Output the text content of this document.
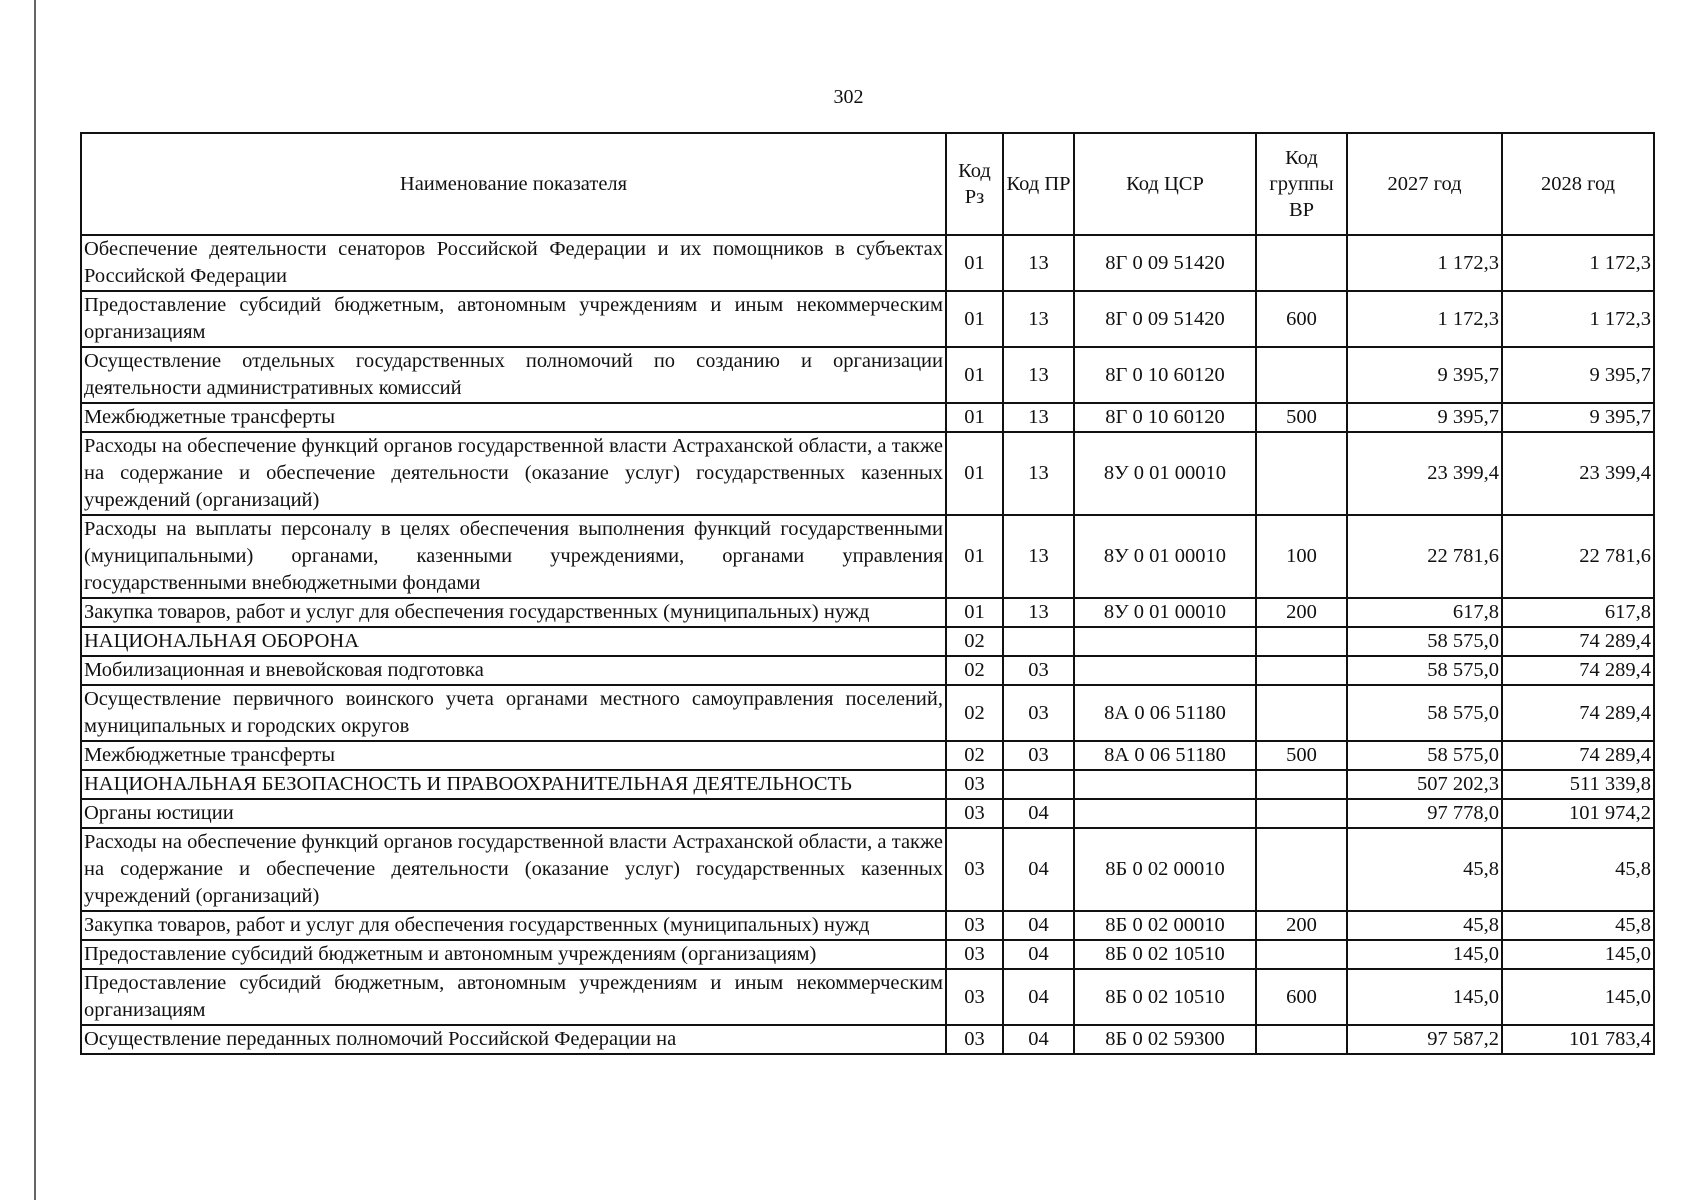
302
Наименование показателя	Код Рз	Код ПР	Код ЦСР	Код группы ВР	2027 год	2028 год
Обеспечение деятельности сенаторов Российской Федерации и их помощников в субъектах Российской Федерации	01	13	8Г 0 09 51420		1 172,3	1 172,3
Предоставление субсидий бюджетным, автономным учреждениям и иным некоммерческим организациям	01	13	8Г 0 09 51420	600	1 172,3	1 172,3
Осуществление отдельных государственных полномочий по созданию и организации деятельности административных комиссий	01	13	8Г 0 10 60120		9 395,7	9 395,7
Межбюджетные трансферты	01	13	8Г 0 10 60120	500	9 395,7	9 395,7
Расходы на обеспечение функций органов государственной власти Астраханской области, а также на содержание и обеспечение деятельности (оказание услуг) государственных казенных учреждений (организаций)	01	13	8У 0 01 00010		23 399,4	23 399,4
Расходы на выплаты персоналу в целях обеспечения выполнения функций государственными (муниципальными) органами, казенными учреждениями, органами управления государственными внебюджетными фондами	01	13	8У 0 01 00010	100	22 781,6	22 781,6
Закупка товаров, работ и услуг для обеспечения государственных (муниципальных) нужд	01	13	8У 0 01 00010	200	617,8	617,8
НАЦИОНАЛЬНАЯ ОБОРОНА	02				58 575,0	74 289,4
Мобилизационная и вневойсковая подготовка	02	03			58 575,0	74 289,4
Осуществление первичного воинского учета органами местного самоуправления поселений, муниципальных и городских округов	02	03	8А 0 06 51180		58 575,0	74 289,4
Межбюджетные трансферты	02	03	8А 0 06 51180	500	58 575,0	74 289,4
НАЦИОНАЛЬНАЯ БЕЗОПАСНОСТЬ И ПРАВООХРАНИТЕЛЬНАЯ ДЕЯТЕЛЬНОСТЬ	03				507 202,3	511 339,8
Органы юстиции	03	04			97 778,0	101 974,2
Расходы на обеспечение функций органов государственной власти Астраханской области, а также на содержание и обеспечение деятельности (оказание услуг) государственных казенных учреждений (организаций)	03	04	8Б 0 02 00010		45,8	45,8
Закупка товаров, работ и услуг для обеспечения государственных (муниципальных) нужд	03	04	8Б 0 02 00010	200	45,8	45,8
Предоставление субсидий бюджетным и автономным учреждениям (организациям)	03	04	8Б 0 02 10510		145,0	145,0
Предоставление субсидий бюджетным, автономным учреждениям и иным некоммерческим организациям	03	04	8Б 0 02 10510	600	145,0	145,0
Осуществление переданных полномочий Российской Федерации на	03	04	8Б 0 02 59300		97 587,2	101 783,4
